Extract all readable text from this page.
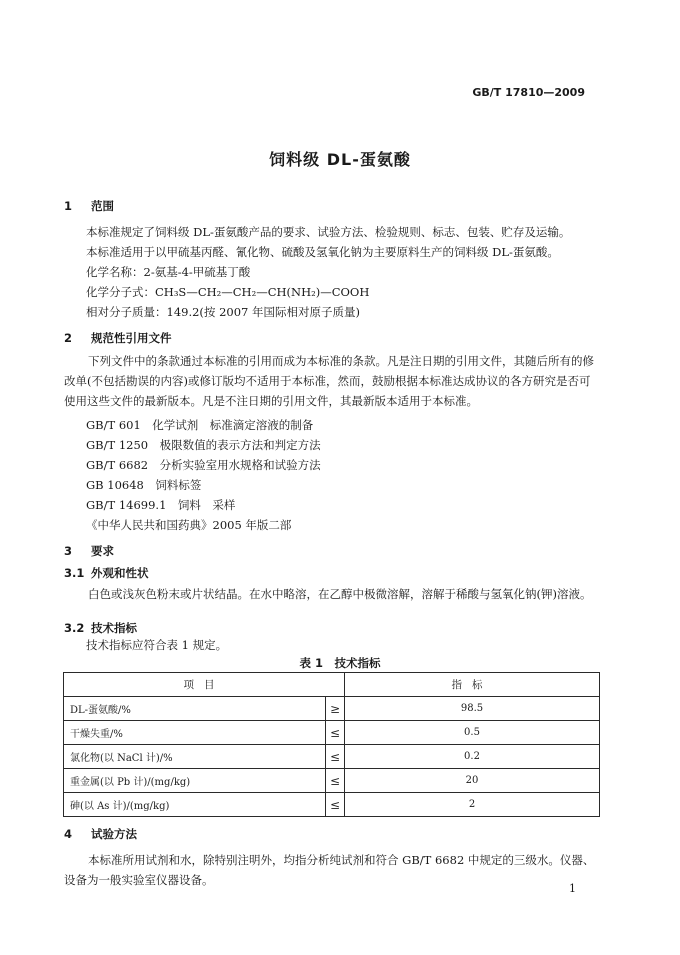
GB/T 17810—2009
饲料级 DL-蛋氨酸
1 范围
本标准规定了饲料级 DL-蛋氨酸产品的要求、试验方法、检验规则、标志、包装、贮存及运输。
本标准适用于以甲硫基丙醛、氰化物、硫酸及氢氧化钠为主要原料生产的饲料级 DL-蛋氨酸。
化学名称：2-氨基-4-甲硫基丁酸
化学分子式：CH₃S—CH₂—CH₂—CH(NH₂)—COOH
相对分子质量：149.2(按 2007 年国际相对原子质量)
2 规范性引用文件
下列文件中的条款通过本标准的引用而成为本标准的条款。凡是注日期的引用文件，其随后所有的修改单(不包括勘误的内容)或修订版均不适用于本标准，然而，鼓励根据本标准达成协议的各方研究是否可使用这些文件的最新版本。凡是不注日期的引用文件，其最新版本适用于本标准。
GB/T 601　化学试剂　标准滴定溶液的制备
GB/T 1250　极限数值的表示方法和判定方法
GB/T 6682　分析实验室用水规格和试验方法
GB 10648　饲料标签
GB/T 14699.1　饲料　采样
《中华人民共和国药典》2005 年版二部
3 要求
3.1 外观和性状
白色或浅灰色粉末或片状结晶。在水中略溶，在乙醇中极微溶解，溶解于稀酸与氢氧化钠(钾)溶液。
3.2 技术指标
技术指标应符合表 1 规定。
表 1　技术指标
项目		指标
DL-蛋氨酸/%	≥	98.5
干燥失重/%	≤	0.5
氯化物(以 NaCl 计)/%	≤	0.2
重金属(以 Pb 计)/(mg/kg)	≤	20
砷(以 As 计)/(mg/kg)	≤	2
4 试验方法
本标准所用试剂和水，除特别注明外，均指分析纯试剂和符合 GB/T 6682 中规定的三级水。仪器、设备为一般实验室仪器设备。
1
